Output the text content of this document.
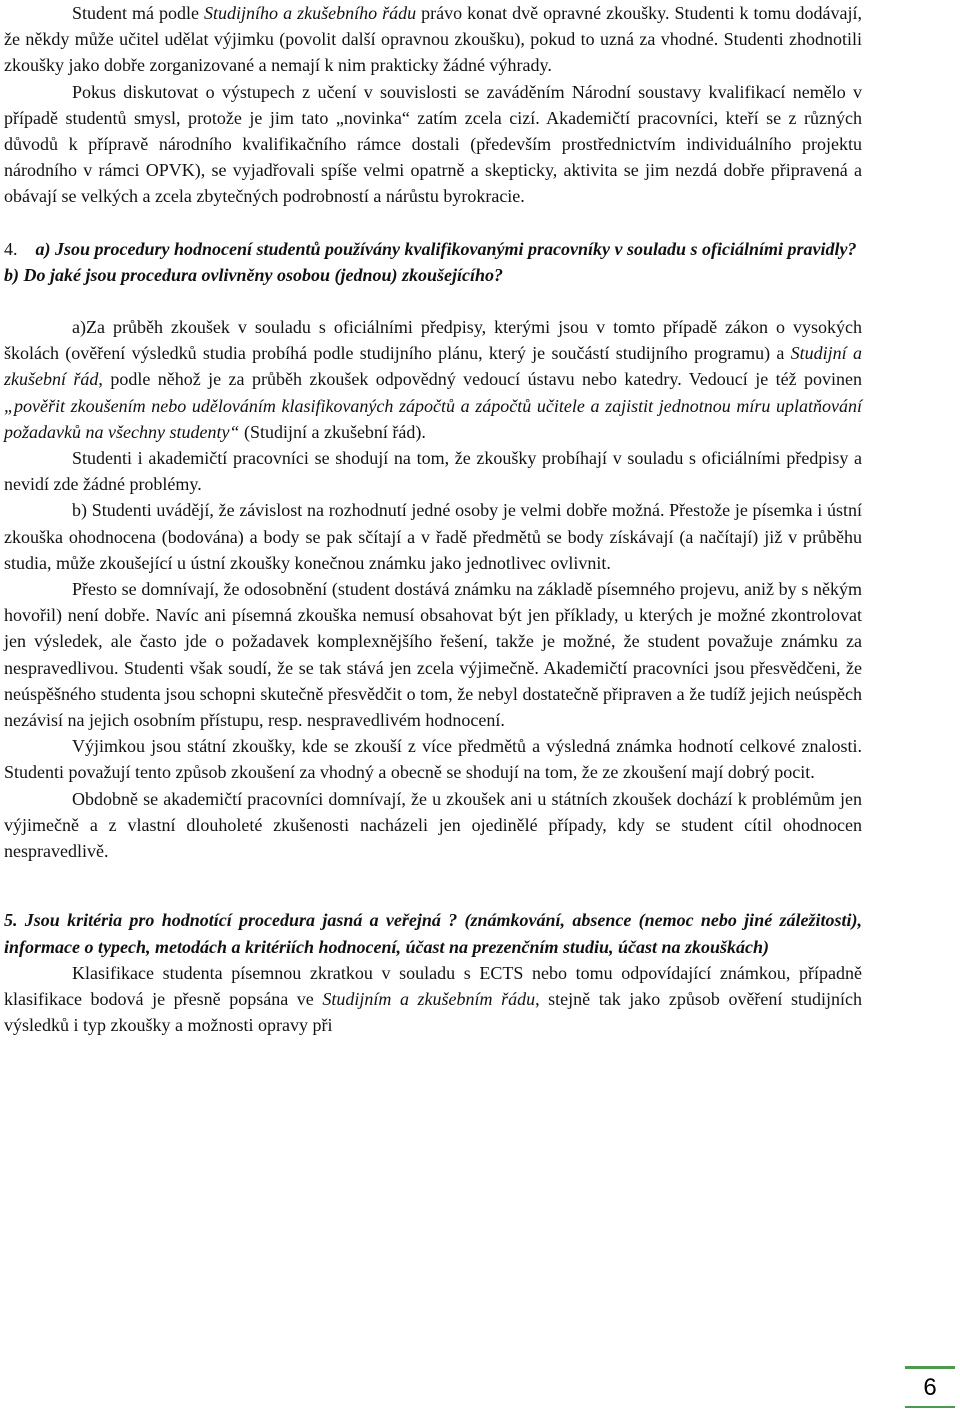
Student má podle Studijního a zkušebního řádu právo konat dvě opravné zkoušky. Studenti k tomu dodávají, že někdy může učitel udělat výjimku (povolit další opravnou zkoušku), pokud to uzná za vhodné. Studenti zhodnotili zkoušky jako dobře zorganizované a nemají k nim prakticky žádné výhrady.

Pokus diskutovat o výstupech z učení v souvislosti se zaváděním Národní soustavy kvalifikací nemělo v případě studentů smysl, protože je jim tato „novinka“ zatím zcela cizí. Akademičtí pracovníci, kteří se z různých důvodů k přípravě národního kvalifikačního rámce dostali (především prostřednictvím individuálního projektu národního v rámci OPVK), se vyjadřovali spíše velmi opatrně a skepticky, aktivita se jim nezdá dobře připravená a obávají se velkých a zcela zbytečných podrobností a nárůstu byrokracie.

4. a) Jsou procedury hodnocení studentů používány kvalifikovanými pracovníky v souladu s oficiálními pravidly?
b) Do jaké jsou procedura ovlivněny osobou (jednou) zkoušejícího?

a)Za průběh zkoušek v souladu s oficiálními předpisy, kterými jsou v tomto případě zákon o vysokých školách (ověření výsledků studia probíhá podle studijního plánu, který je součástí studijního programu) a Studijní a zkušební řád, podle něhož je za průběh zkoušek odpovědný vedoucí ústavu nebo katedry. Vedoucí je též povinen „pověřit zkoušením nebo udělováním klasifikovaných zápočtů a zápočtů učitele a zajistit jednotnou míru uplatňování požadavků na všechny studenty“ (Studijní a zkušební řád).

Studenti i akademičtí pracovníci se shodují na tom, že zkoušky probíhají v souladu s oficiálními předpisy a nevidí zde žádné problémy.

b) Studenti uvádějí, že závislost na rozhodnutí jedné osoby je velmi dobře možná. Přestože je písemka i ústní zkouška ohodnocena (bodována) a body se pak sčítají a v řadě předmětů se body získávají (a načítají) již v průběhu studia, může zkoušející u ústní zkoušky konečnou známku jako jednotlivec ovlivnit.

Přesto se domnívají, že odosobnění (student dostává známku na základě písemného projevu, aniž by s někým hovořil) není dobře. Navíc ani písemná zkouška nemusí obsahovat být jen příklady, u kterých je možné zkontrolovat jen výsledek, ale často jde o požadavek komplexnějšího řešení, takže je možné, že student považuje známku za nespravedlivou. Studenti však soudí, že se tak stává jen zcela výjimečně. Akademičtí pracovníci jsou přesvědčeni, že neúspěšného studenta jsou schopni skutečně přesvědčit o tom, že nebyl dostatečně připraven a že tudíž jejich neúspěch nezávisí na jejich osobním přístupu, resp. nespravedlivém hodnocení.

Výjimkou jsou státní zkoušky, kde se zkouší z více předmětů a výsledná známka hodnotí celkové znalosti. Studenti považují tento způsob zkoušení za vhodný a obecně se shodují na tom, že ze zkoušení mají dobrý pocit.

Obdobně se akademičtí pracovníci domnívají, že u zkoušek ani u státních zkoušek dochází k problémům jen výjimečně a z vlastní dlouholeté zkušenosti nacházeli jen ojedinělé případy, kdy se student cítil ohodnocen nespravedlivě.

5. Jsou kritéria pro hodnotící procedura jasná a veřejná ? (známkování, absence (nemoc nebo jiné záležitosti), informace o typech, metodách a kritériích hodnocení, účast na prezenčním studiu, účast na zkouškách)

Klasifikace studenta písemnou zkratkou v souladu s ECTS nebo tomu odpovídající známkou, případně klasifikace bodová je přesně popsána ve Studijním a zkušebním řádu, stejně tak jako způsob ověření studijních výsledků i typ zkoušky a možnosti opravy při

6
